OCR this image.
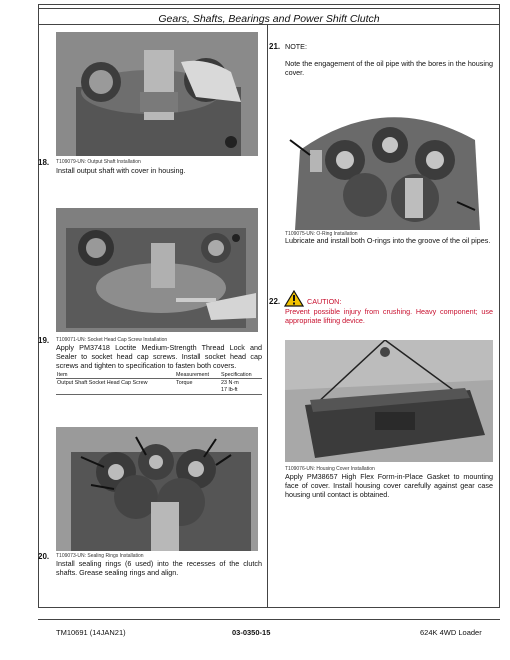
Gears, Shafts, Bearings and Power Shift Clutch
18. T109079-UN: Output Shaft Installation
Install output shaft with cover in housing.
19. T109071-UN: Socket Head Cap Screw Installation
Apply PM37418 Loctite Medium-Strength Thread Lock and Sealer to socket head cap screws. Install socket head cap screws and tighten to specification to fasten both covers.
Item	Measurement	Specification
Output Shaft Socket Head Cap Screw	Torque	23 N·m
		17 lb-ft
20. T109073-UN: Sealing Rings Installation
Install sealing rings (6 used) into the recesses of the clutch shafts. Grease sealing rings and align.
21. NOTE:
Note the engagement of the oil pipe with the bores in the housing cover.
T109075-UN: O-Ring Installation
Lubricate and install both O-rings into the groove of the oil pipes.
22.	CAUTION:
Prevent possible injury from crushing. Heavy component; use appropriate lifting device.
T109076-UN: Housing Cover Installation
Apply PM38657 High Flex Form-in-Place Gasket to mounting face of cover. Install housing cover carefully against gear case housing until contact is obtained.
TM10691 (14JAN21)	03-0350-15	624K 4WD Loader
